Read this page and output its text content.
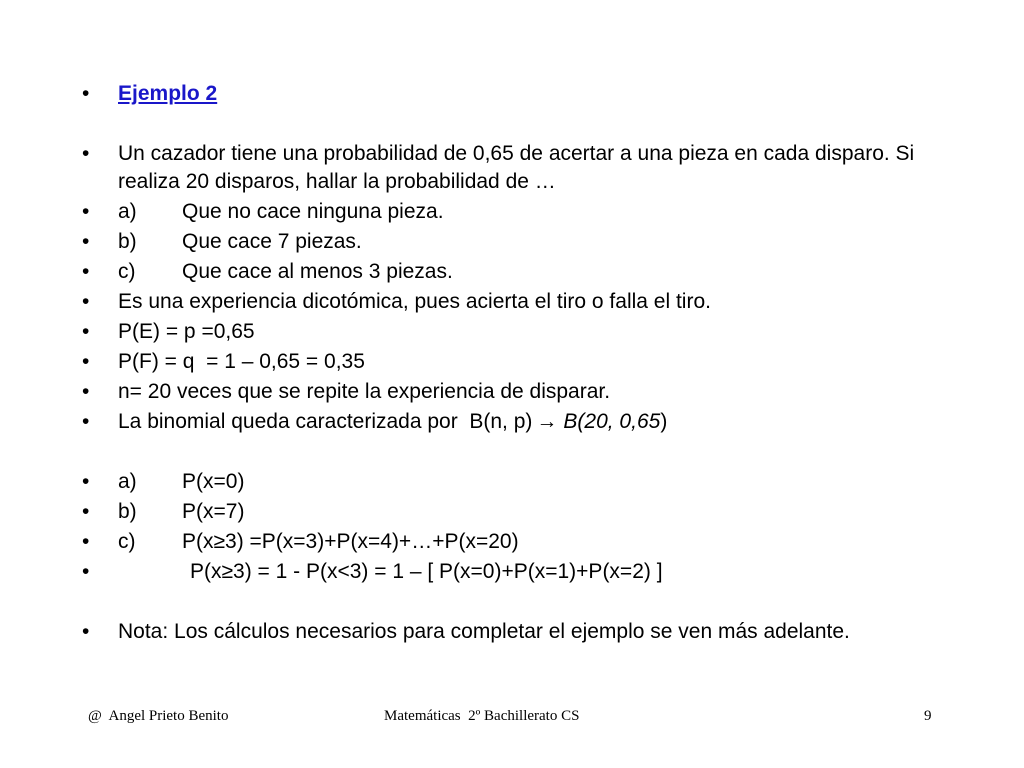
• Ejemplo 2
• Un cazador tiene una probabilidad de 0,65 de acertar a una pieza en cada disparo. Si realiza 20 disparos, hallar la probabilidad de …
• a) Que no cace ninguna pieza.
• b) Que cace 7 piezas.
• c) Que cace al menos 3 piezas.
• Es una experiencia dicotómica, pues acierta el tiro o falla el tiro.
• P(E) = p =0,65
• P(F) = q  = 1 – 0,65 = 0,35
• n= 20 veces que se repite la experiencia de disparar.
• La binomial queda caracterizada por  B(n, p) → B(20, 0,65)
• a) P(x=0)
• b) P(x=7)
• c) P(x≥3) =P(x=3)+P(x=4)+…+P(x=20)
•	P(x≥3) = 1 - P(x<3) = 1 – [ P(x=0)+P(x=1)+P(x=2) ]
• Nota: Los cálculos necesarios para completar el ejemplo se ven más adelante.
@  Angel Prieto Benito	Matemáticas  2º Bachillerato CS	9
